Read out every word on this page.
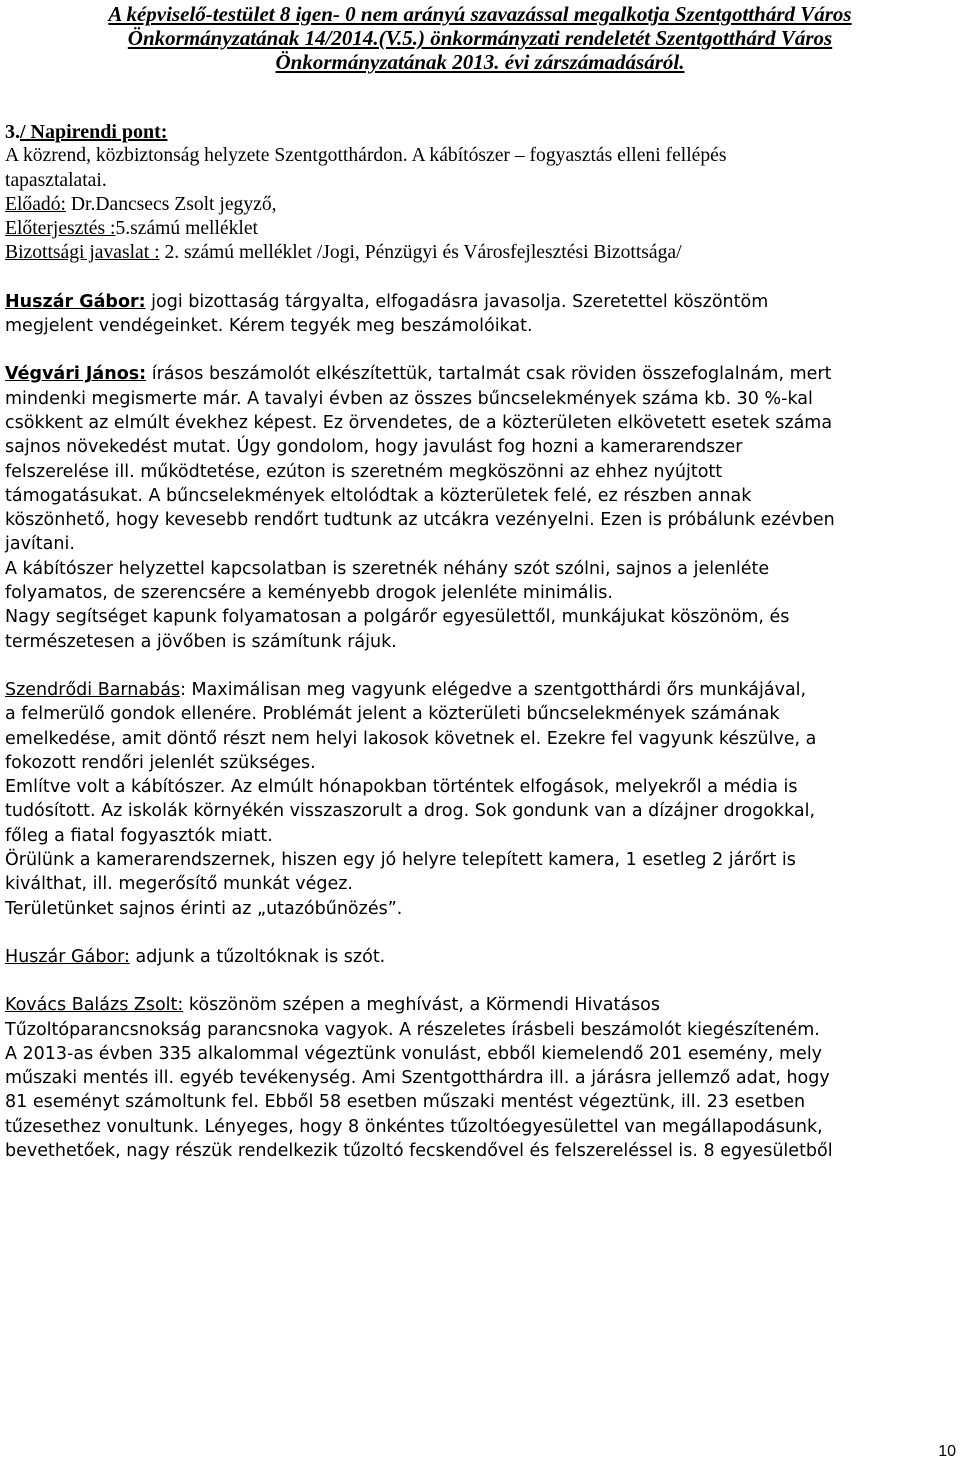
A képviselő-testület 8 igen- 0 nem arányú szavazással megalkotja Szentgotthárd Város
Önkormányzatának 14/2014.(V.5.) önkormányzati rendeletét Szentgotthárd Város
Önkormányzatának 2013. évi zárszámadásáról.

3./ Napirendi pont:

A közrend, közbiztonság helyzete Szentgotthárdon. A kábítószer – fogyasztás elleni fellépés

tapasztalatai.

Előadó: Dr.Dancsecs Zsolt jegyző,

Előterjesztés :5.számú melléklet

Bizottsági javaslat : 2. számú melléklet /Jogi, Pénzügyi és Városfejlesztési Bizottsága/

Huszár Gábor: jogi bizottaság tárgyalta, elfogadásra javasolja. Szeretettel köszöntöm

megjelent vendégeinket. Kérem tegyék meg beszámolóikat.

Végvári János: írásos beszámolót elkészítettük, tartalmát csak röviden összefoglalnám, mert

mindenki megismerte már. A tavalyi évben az összes bűncselekmények száma kb. 30 %-kal

csökkent az elmúlt évekhez képest. Ez örvendetes, de a közterületen elkövetett esetek száma

sajnos növekedést mutat. Úgy gondolom, hogy javulást fog hozni a kamerarendszer

felszerelése ill. működtetése, ezúton is szeretném megköszönni az ehhez nyújtott

támogatásukat. A bűncselekmények eltolódtak a közterületek felé, ez részben annak

köszönhető, hogy kevesebb rendőrt tudtunk az utcákra vezényelni. Ezen is próbálunk ezévben

javítani.

A kábítószer helyzettel kapcsolatban is szeretnék néhány szót szólni, sajnos a jelenléte

folyamatos, de szerencsére a keményebb drogok jelenléte minimális.

Nagy segítséget kapunk folyamatosan a polgárőr egyesülettől, munkájukat köszönöm, és

természetesen a jövőben is számítunk rájuk.

Szendrődi Barnabás: Maximálisan meg vagyunk elégedve a szentgotthárdi őrs munkájával,

a felmerülő gondok ellenére. Problémát jelent a közterületi bűncselekmények számának

emelkedése, amit döntő részt nem helyi lakosok követnek el. Ezekre fel vagyunk készülve, a

fokozott rendőri jelenlét szükséges.

Említve volt a kábítószer. Az elmúlt hónapokban történtek elfogások, melyekről a média is

tudósított. Az iskolák környékén visszaszorult a drog. Sok gondunk van a dízájner drogokkal,

főleg a fiatal fogyasztók miatt.

Örülünk a kamerarendszernek, hiszen egy jó helyre telepített kamera, 1 esetleg 2 járőrt is

kiválthat, ill. megerősítő munkát végez.

Területünket sajnos érinti az „utazóbűnözés”.

Huszár Gábor: adjunk a tűzoltóknak is szót.

Kovács Balázs Zsolt: köszönöm szépen a meghívást, a Körmendi Hivatásos

Tűzoltóparancsnokság parancsnoka vagyok. A részeletes írásbeli beszámolót kiegészíteném.

A 2013-as évben 335 alkalommal végeztünk vonulást, ebből kiemelendő 201 esemény, mely

műszaki mentés ill. egyéb tevékenység. Ami Szentgotthárdra ill. a járásra jellemző adat, hogy

81 eseményt számoltunk fel. Ebből 58 esetben műszaki mentést végeztünk, ill. 23 esetben

tűzesethez vonultunk. Lényeges, hogy 8 önkéntes tűzoltóegyesülettel van megállapodásunk,

bevethetőek, nagy részük rendelkezik tűzoltó fecskendővel és felszereléssel is. 8 egyesületből

10
